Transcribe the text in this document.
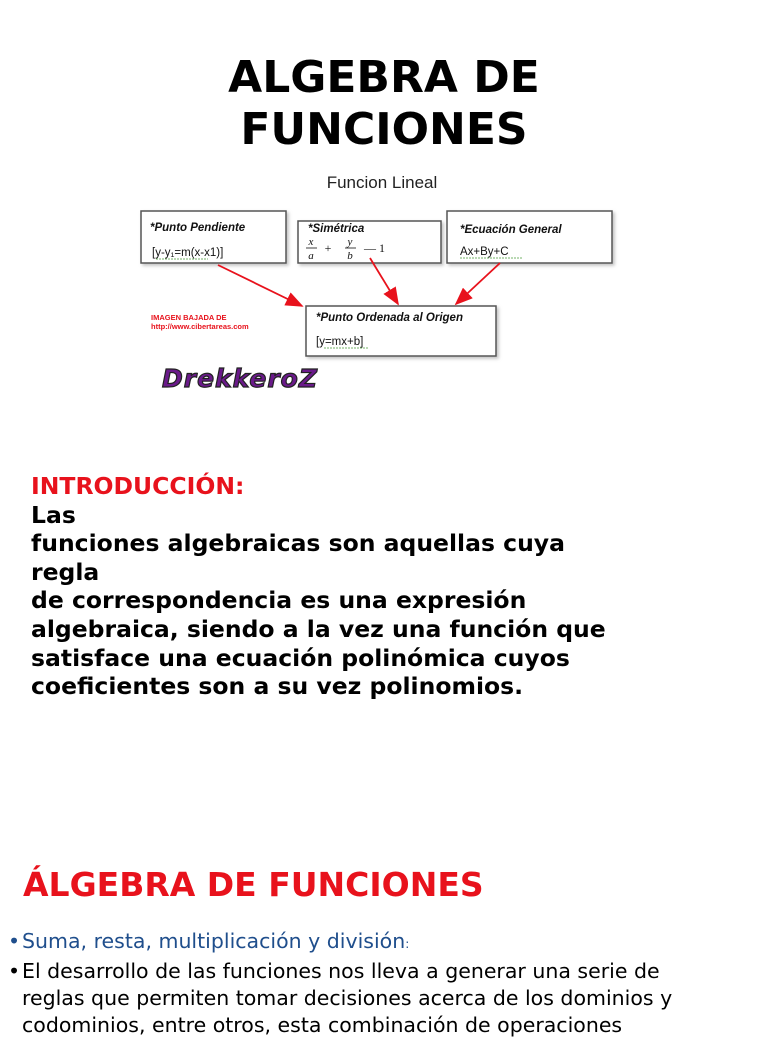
ALGEBRA DE
FUNCIONES
Funcion Lineal
*Punto Pendiente
[y-y₁=m(x-x1)]
*Simétrica
x
a
+ y
b
— 1
*Ecuación General
Ax+By+C
*Punto Ordenada al Origen
[y=mx+b]
IMAGEN BAJADA DE
http://www.cibertareas.com
DrekkeroZ
INTRODUCCIÓN:
Las
funciones algebraicas son aquellas cuya
regla
de correspondencia es una expresión
algebraica, siendo a la vez una función que
satisface una ecuación polinómica cuyos
coeficientes son a su vez polinomios.
ÁLGEBRA DE FUNCIONES
• Suma, resta, multiplicación y división:
• El desarrollo de las funciones nos lleva a generar una serie de
reglas que permiten tomar decisiones acerca de los dominios y
codominios, entre otros, esta combinación de operaciones
